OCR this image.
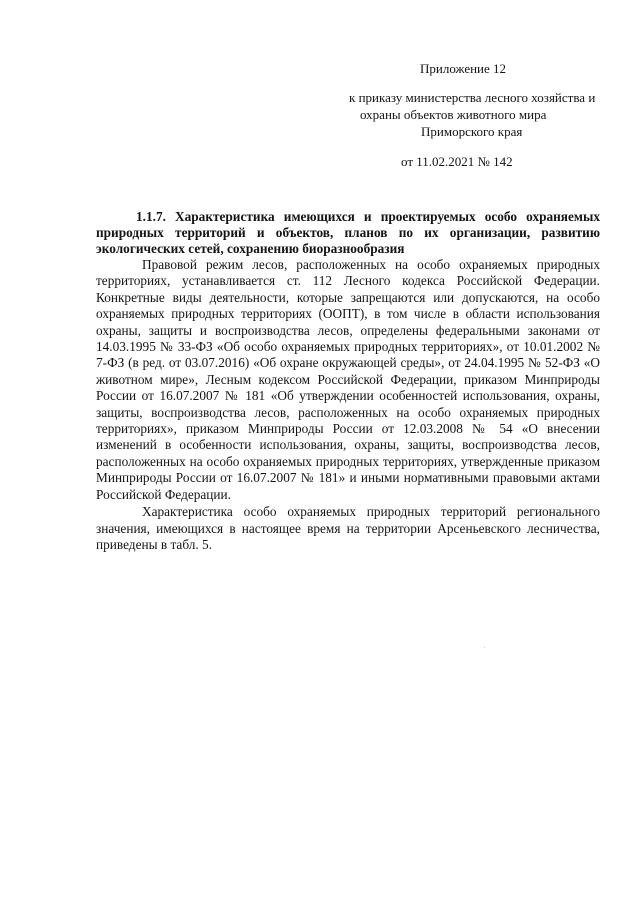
Приложение 12
к приказу министерства лесного хозяйства и
охраны объектов животного мира
Приморского края
от 11.02.2021 № 142

1.1.7. Характеристика имеющихся и проектируемых особо охраняемых природных территорий и объектов, планов по их организации, развитию экологических сетей, сохранению биоразнообразия

Правовой режим лесов, расположенных на особо охраняемых природных территориях, устанавливается ст. 112 Лесного кодекса Российской Федерации. Конкретные виды деятельности, которые запрещаются или допускаются, на особо охраняемых природных территориях (ООПТ), в том числе в области использования охраны, защиты и воспроизводства лесов, определены федеральными законами от 14.03.1995 № 33-ФЗ «Об особо охраняемых природных территориях», от 10.01.2002 № 7-ФЗ (в ред. от 03.07.2016) «Об охране окружающей среды», от 24.04.1995 № 52-ФЗ «О животном мире», Лесным кодексом Российской Федерации, приказом Минприроды России от 16.07.2007 № 181 «Об утверждении особенностей использования, охраны, защиты, воспроизводства лесов, расположенных на особо охраняемых природных территориях», приказом Минприроды России от 12.03.2008 № 54 «О внесении изменений в особенности использования, охраны, защиты, воспроизводства лесов, расположенных на особо охраняемых природных территориях, утвержденные приказом Минприроды России от 16.07.2007 № 181» и иными нормативными правовыми актами Российской Федерации.

Характеристика особо охраняемых природных территорий регионального значения, имеющихся в настоящее время на территории Арсеньевского лесничества, приведены в табл. 5.
